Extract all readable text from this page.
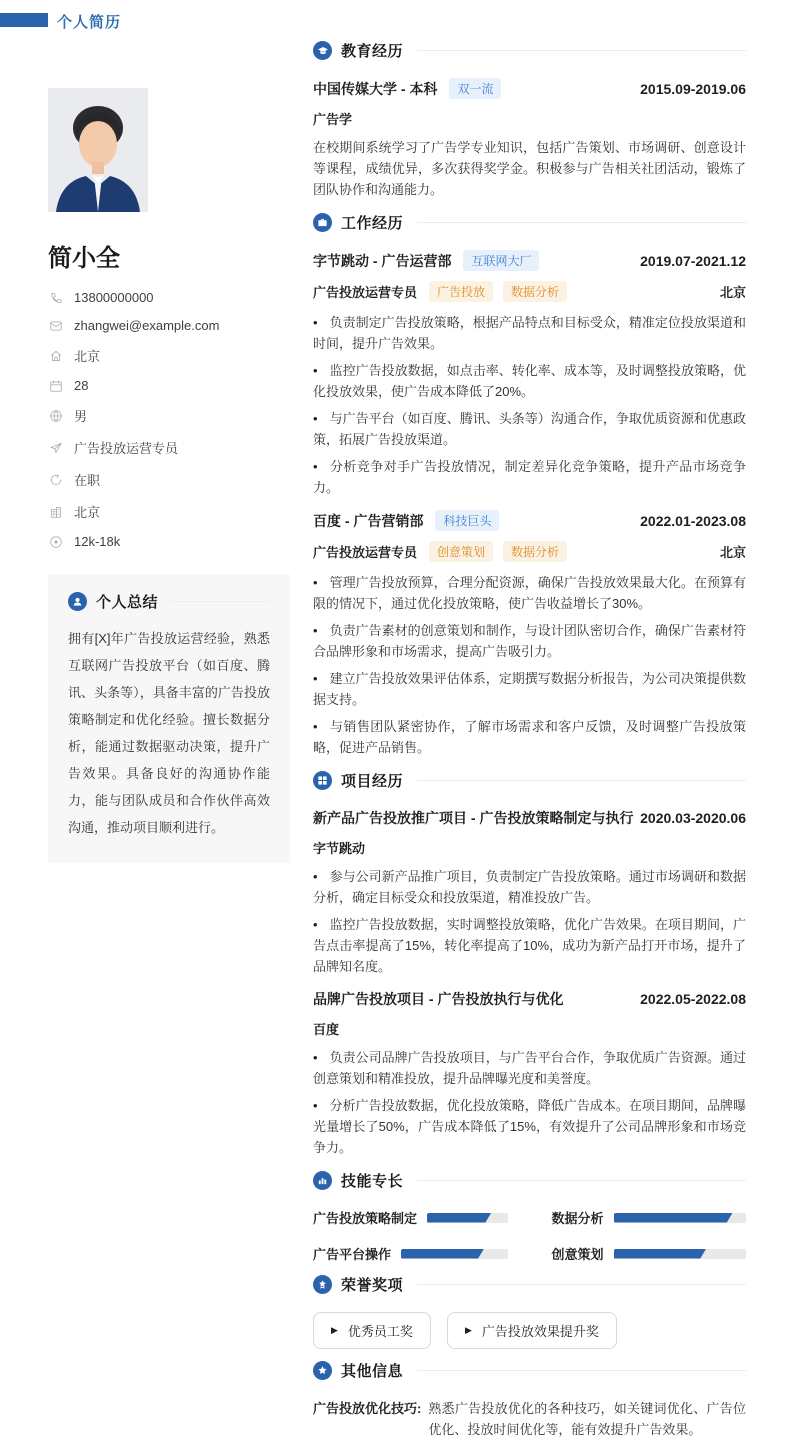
个人简历
简小全
13800000000
zhangwei@example.com
北京
28
男
广告投放运营专员
在职
北京
12k-18k
个人总结
拥有[X]年广告投放运营经验，熟悉互联网广告投放平台（如百度、腾讯、头条等），具备丰富的广告投放策略制定和优化经验。擅长数据分析，能通过数据驱动决策，提升广告效果。具备良好的沟通协作能力，能与团队成员和合作伙伴高效沟通，推动项目顺利进行。
教育经历
中国传媒大学 - 本科	双一流	2015.09-2019.06
广告学
在校期间系统学习了广告学专业知识，包括广告策划、市场调研、创意设计等课程，成绩优异，多次获得奖学金。积极参与广告相关社团活动，锻炼了团队协作和沟通能力。
工作经历
字节跳动 - 广告运营部	互联网大厂	2019.07-2021.12
广告投放运营专员	广告投放	数据分析	北京
• 负责制定广告投放策略，根据产品特点和目标受众，精准定位投放渠道和时间，提升广告效果。
• 监控广告投放数据，如点击率、转化率、成本等，及时调整投放策略，优化投放效果，使广告成本降低了20%。
• 与广告平台（如百度、腾讯、头条等）沟通合作，争取优质资源和优惠政策，拓展广告投放渠道。
• 分析竞争对手广告投放情况，制定差异化竞争策略，提升产品市场竞争力。
百度 - 广告营销部	科技巨头	2022.01-2023.08
广告投放运营专员	创意策划	数据分析	北京
• 管理广告投放预算，合理分配资源，确保广告投放效果最大化。在预算有限的情况下，通过优化投放策略，使广告收益增长了30%。
• 负责广告素材的创意策划和制作，与设计团队密切合作，确保广告素材符合品牌形象和市场需求，提高广告吸引力。
• 建立广告投放效果评估体系，定期撰写数据分析报告，为公司决策提供数据支持。
• 与销售团队紧密协作，了解市场需求和客户反馈，及时调整广告投放策略，促进产品销售。
项目经历
新产品广告投放推广项目 - 广告投放策略制定与执行 2020.03-2020.06
字节跳动
• 参与公司新产品推广项目，负责制定广告投放策略。通过市场调研和数据分析，确定目标受众和投放渠道，精准投放广告。
• 监控广告投放数据，实时调整投放策略，优化广告效果。在项目期间，广告点击率提高了15%，转化率提高了10%，成功为新产品打开市场，提升了品牌知名度。
品牌广告投放项目 - 广告投放执行与优化	2022.05-2022.08
百度
• 负责公司品牌广告投放项目，与广告平台合作，争取优质广告资源。通过创意策划和精准投放，提升品牌曝光度和美誉度。
• 分析广告投放数据，优化投放策略，降低广告成本。在项目期间，品牌曝光量增长了50%，广告成本降低了15%，有效提升了公司品牌形象和市场竞争力。
技能专长
广告投放策略制定	数据分析
广告平台操作	创意策划
荣誉奖项
▶ 优秀员工奖	▶ 广告投放效果提升奖
其他信息
广告投放优化技巧: 熟悉广告投放优化的各种技巧，如关键词优化、广告位优化、投放时间优化等，能有效提升广告效果。
